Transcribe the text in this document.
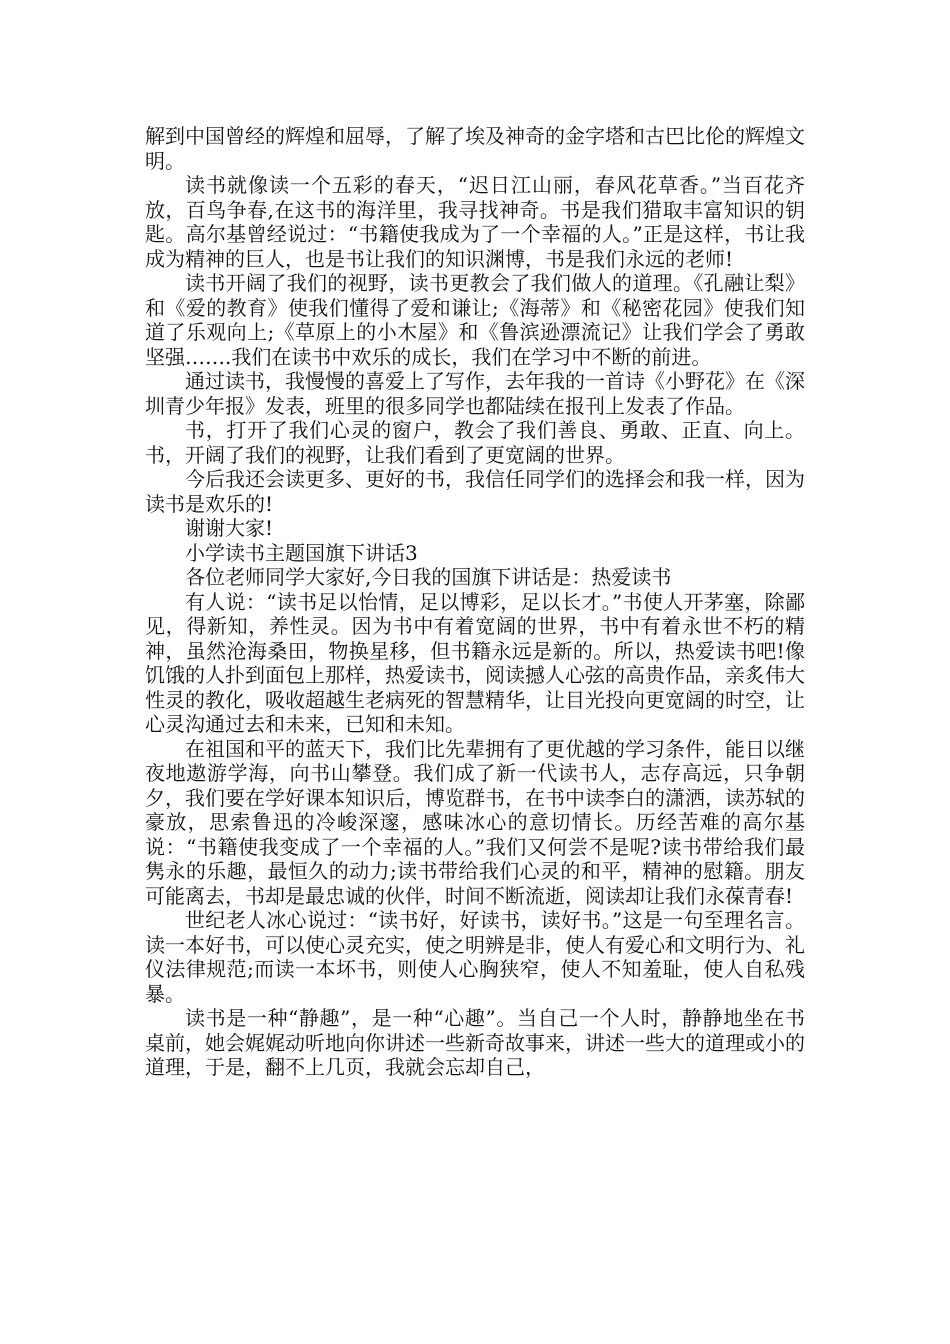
解到中国曾经的辉煌和屈辱，了解了埃及神奇的金字塔和古巴比伦的辉煌文明。

读书就像读一个五彩的春天，“迟日江山丽，春风花草香。”当百花齐放，百鸟争春,在这书的海洋里，我寻找神奇。书是我们猎取丰富知识的钥匙。高尔基曾经说过：“书籍使我成为了一个幸福的人。”正是这样，书让我成为精神的巨人，也是书让我们的知识渊博，书是我们永远的老师!

读书开阔了我们的视野，读书更教会了我们做人的道理。《孔融让梨》和《爱的教育》使我们懂得了爱和谦让;《海蒂》和《秘密花园》使我们知道了乐观向上;《草原上的小木屋》和《鲁滨逊漂流记》让我们学会了勇敢坚强…….我们在读书中欢乐的成长，我们在学习中不断的前进。

通过读书，我慢慢的喜爱上了写作，去年我的一首诗《小野花》在《深圳青少年报》发表，班里的很多同学也都陆续在报刊上发表了作品。

书，打开了我们心灵的窗户，教会了我们善良、勇敢、正直、向上。书，开阔了我们的视野，让我们看到了更宽阔的世界。

今后我还会读更多、更好的书，我信任同学们的选择会和我一样，因为读书是欢乐的!

谢谢大家!

小学读书主题国旗下讲话3

各位老师同学大家好,今日我的国旗下讲话是：热爱读书

有人说：“读书足以怡情，足以博彩，足以长才。”书使人开茅塞，除鄙见，得新知，养性灵。因为书中有着宽阔的世界，书中有着永世不朽的精神，虽然沧海桑田，物换星移，但书籍永远是新的。所以，热爱读书吧!像饥饿的人扑到面包上那样，热爱读书，阅读撼人心弦的高贵作品，亲炙伟大性灵的教化，吸收超越生老病死的智慧精华，让目光投向更宽阔的时空，让心灵沟通过去和未来，已知和未知。

在祖国和平的蓝天下，我们比先辈拥有了更优越的学习条件，能日以继夜地遨游学海，向书山攀登。我们成了新一代读书人，志存高远，只争朝夕，我们要在学好课本知识后，博览群书，在书中读李白的潇洒，读苏轼的豪放，思索鲁迅的冷峻深邃，感味冰心的意切情长。历经苦难的高尔基说：“书籍使我变成了一个幸福的人。”我们又何尝不是呢?读书带给我们最隽永的乐趣，最恒久的动力;读书带给我们心灵的和平，精神的慰籍。朋友可能离去，书却是最忠诚的伙伴，时间不断流逝，阅读却让我们永葆青春!

世纪老人冰心说过：“读书好，好读书，读好书。”这是一句至理名言。读一本好书，可以使心灵充实，使之明辨是非，使人有爱心和文明行为、礼仪法律规范;而读一本坏书，则使人心胸狭窄，使人不知羞耻，使人自私残暴。

读书是一种“静趣”，是一种“心趣”。当自己一个人时，静静地坐在书桌前，她会娓娓动听地向你讲述一些新奇故事来，讲述一些大的道理或小的道理，于是，翻不上几页，我就会忘却自己，
